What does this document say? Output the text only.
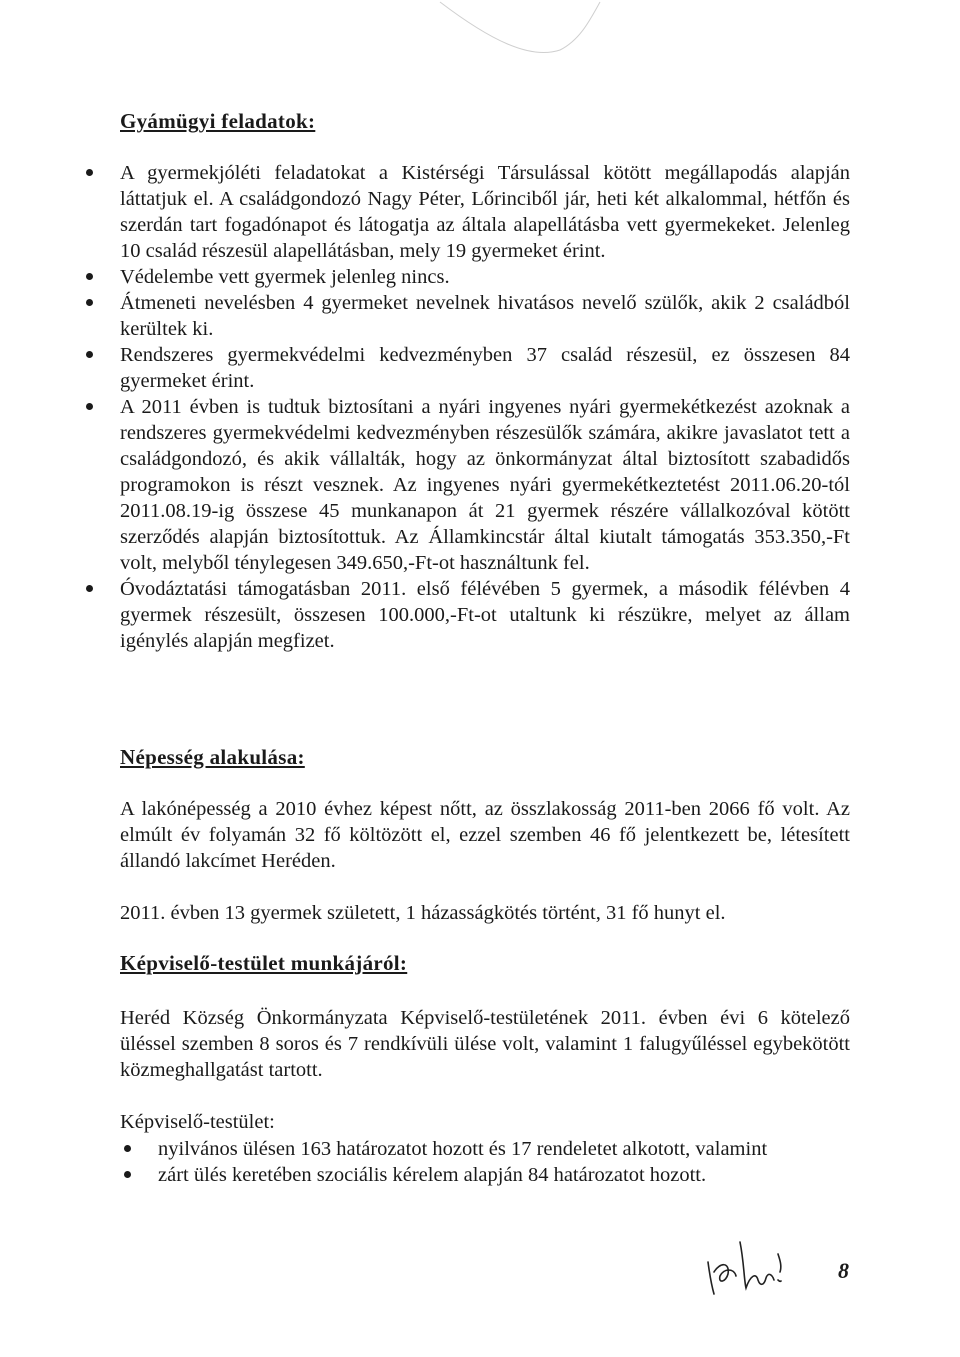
Gyámügyi feladatok:
A gyermekjóléti feladatokat a Kistérségi Társulással kötött megállapodás alapján láttatjuk el. A családgondozó Nagy Péter, Lőrinciből jár, heti két alkalommal, hétfőn és szerdán tart fogadónapot és látogatja az általa alapellátásba vett gyermekeket. Jelenleg 10 család részesül alapellátásban, mely 19 gyermeket érint.
Védelembe vett gyermek jelenleg nincs.
Átmeneti nevelésben 4 gyermeket nevelnek hivatásos nevelő szülők, akik 2 családból kerültek ki.
Rendszeres gyermekvédelmi kedvezményben 37 család részesül, ez összesen 84 gyermeket érint.
A 2011 évben is tudtuk biztosítani a nyári ingyenes nyári gyermekétkezést azoknak a rendszeres gyermekvédelmi kedvezményben részesülők számára, akikre javaslatot tett a családgondozó, és akik vállalták, hogy az önkormányzat által biztosított szabadidős programokon is részt vesznek. Az ingyenes nyári gyermekétkeztetést 2011.06.20-tól 2011.08.19-ig összese 45 munkanapon át 21 gyermek részére vállalkozóval kötött szerződés alapján biztosítottuk. Az Államkincstár által kiutalt támogatás 353.350,-Ft volt, melyből ténylegesen 349.650,-Ft-ot használtunk fel.
Óvodáztatási támogatásban 2011. első félévében 5 gyermek, a második félévben 4 gyermek részesült, összesen 100.000,-Ft-ot utaltunk ki részükre, melyet az állam igénylés alapján megfizet.
Népesség alakulása:

A lakónépesség a 2010 évhez képest nőtt, az összlakosság 2011-ben 2066 fő volt. Az elmúlt év folyamán 32 fő költözött el, ezzel szemben 46 fő jelentkezett be, létesített állandó lakcímet Heréden.

2011. évben 13 gyermek született, 1 házasságkötés történt, 31 fő hunyt el.

Képviselő-testület munkájáról:

Heréd Község Önkormányzata Képviselő-testületének 2011. évben évi 6 kötelező üléssel szemben 8 soros és 7 rendkívüli ülése volt, valamint 1 falugyűléssel egybekötött közmeghallgatást tartott.

Képviselő-testület:

nyilvános ülésen 163 határozatot hozott és 17 rendeletet alkotott, valamint
zárt ülés keretében szociális kérelem alapján 84 határozatot hozott.
8
